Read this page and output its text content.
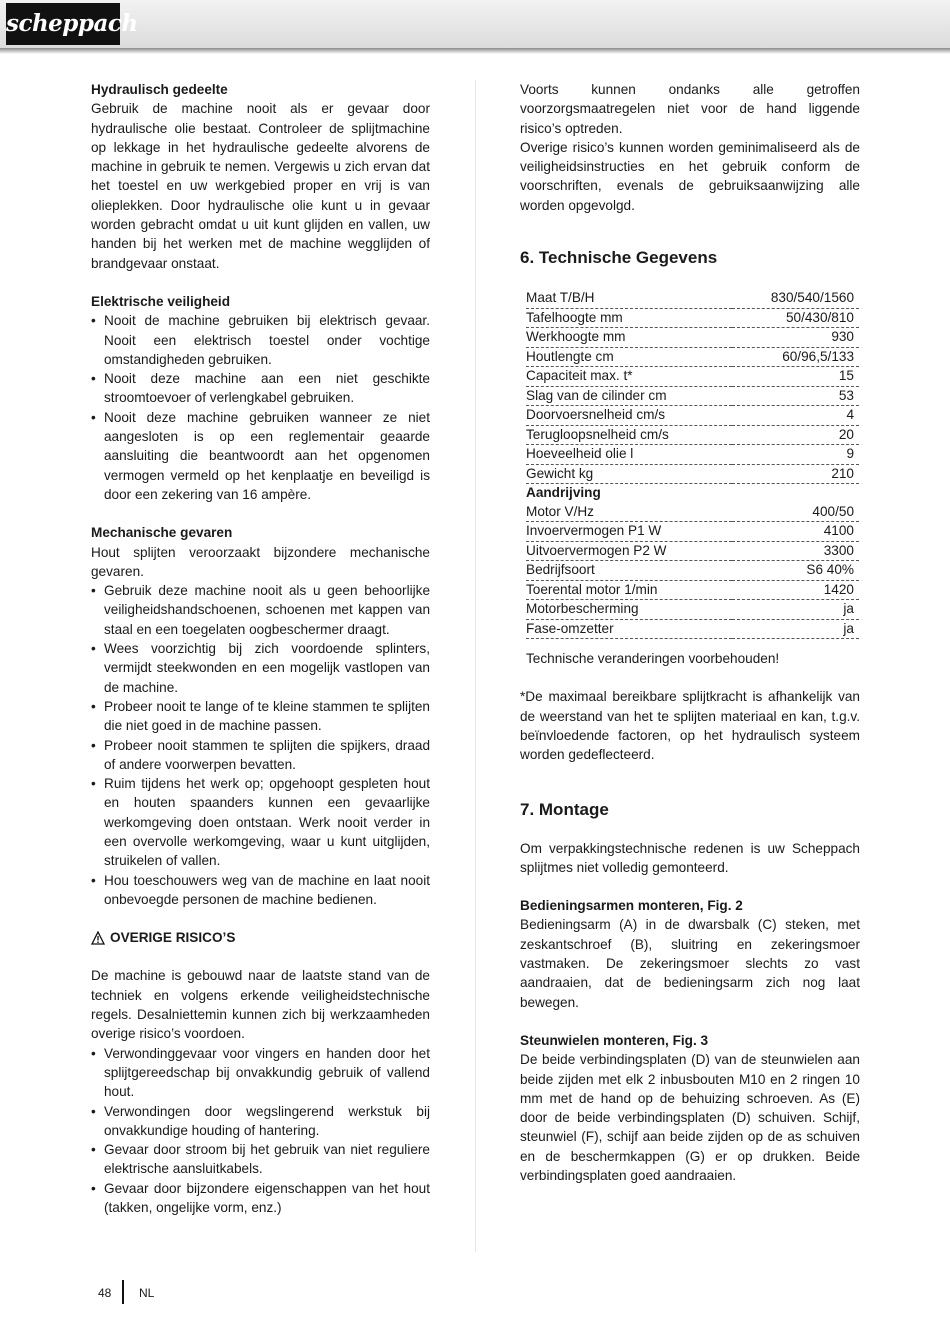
scheppach

Hydraulisch gedeelte

Gebruik de machine nooit als er gevaar door hydraulische olie bestaat. Controleer de splijtmachine op lekkage in het hydraulische gedeelte alvorens de machine in gebruik te nemen. Vergewis u zich ervan dat het toestel en uw werkgebied proper en vrij is van olieplekken. Door hydraulische olie kunt u in gevaar worden gebracht omdat u uit kunt glijden en vallen, uw handen bij het werken met de machine wegglijden of brandgevaar onstaat.

Elektrische veiligheid

• Nooit de machine gebruiken bij elektrisch gevaar. Nooit een elektrisch toestel onder vochtige omstandigheden gebruiken.
• Nooit deze machine aan een niet geschikte stroomtoevoer of verlengkabel gebruiken.
• Nooit deze machine gebruiken wanneer ze niet aangesloten is op een reglementair geaarde aansluiting die beantwoordt aan het opgenomen vermogen vermeld op het kenplaatje en beveiligd is door een zekering van 16 ampère.

Mechanische gevaren

Hout splijten veroorzaakt bijzondere mechanische gevaren.

• Gebruik deze machine nooit als u geen behoorlijke veiligheidshandschoenen, schoenen met kappen van staal en een toegelaten oogbeschermer draagt.
• Wees voorzichtig bij zich voordoende splinters, vermijdt steekwonden en een mogelijk vastlopen van de machine.
• Probeer nooit te lange of te kleine stammen te splijten die niet goed in de machine passen.
• Probeer nooit stammen te splijten die spijkers, draad of andere voorwerpen bevatten.
• Ruim tijdens het werk op; opgehoopt gespleten hout en houten spaanders kunnen een gevaarlijke werkomgeving doen ontstaan. Werk nooit verder in een overvolle werkomgeving, waar u kunt uitglijden, struikelen of vallen.
• Hou toeschouwers weg van de machine en laat nooit onbevoegde personen de machine bedienen.
OVERIGE RISICO’S

De machine is gebouwd naar de laatste stand van de techniek en volgens erkende veiligheidstechnische regels. Desalniettemin kunnen zich bij werkzaamheden overige risico’s voordoen.

• Verwondinggevaar voor vingers en handen door het splijtgereedschap bij onvakkundig gebruik of vallend hout.
• Verwondingen door wegslingerend werkstuk bij onvakkundige houding of hantering.
• Gevaar door stroom bij het gebruik van niet reguliere elektrische aansluitkabels.
• Gevaar door bijzondere eigenschappen van het hout (takken, ongelijke vorm, enz.)

Voorts kunnen ondanks alle getroffen voorzorgsmaatregelen niet voor de hand liggende risico’s optreden.

Overige risico’s kunnen worden geminimaliseerd als de veiligheidsinstructies en het gebruik conform de voorschriften, evenals de gebruiksaanwijzing alle worden opgevolgd.

6. Technische Gegevens

Maat T/B/H	830/540/1560
Tafelhoogte mm	50/430/810
Werkhoogte mm	930
Houtlengte cm	60/96,5/133
Capaciteit max. t*	15
Slag van de cilinder cm	53
Doorvoersnelheid cm/s	4
Terugloopsnelheid cm/s	20
Hoeveelheid olie l	9
Gewicht kg	210
Aandrijving	
Motor V/Hz	400/50
Invoervermogen P1 W	4100
Uitvoervermogen P2 W	3300
Bedrijfsoort	S6 40%
Toerental motor 1/min	1420
Motorbescherming	ja
Fase-omzetter	ja

Technische veranderingen voorbehouden!

*De maximaal bereikbare splijtkracht is afhankelijk van de weerstand van het te splijten materiaal en kan, t.g.v. beïnvloedende factoren, op het hydraulisch systeem worden gedeflecteerd.

7. Montage

Om verpakkingstechnische redenen is uw Scheppach splijtmes niet volledig gemonteerd.

Bedieningsarmen monteren, Fig. 2

Bedieningsarm (A) in de dwarsbalk (C) steken, met zeskantschroef (B), sluitring en zekeringsmoer vastmaken. De zekeringsmoer slechts zo vast aandraaien, dat de bedieningsarm zich nog laat bewegen.

Steunwielen monteren, Fig. 3

De beide verbindingsplaten (D) van de steunwielen aan beide zijden met elk 2 inbusbouten M10 en 2 ringen 10 mm met de hand op de behuizing schroeven. As (E) door de beide verbindingsplaten (D) schuiven. Schijf, steunwiel (F), schijf aan beide zijden op de as schuiven en de beschermkappen (G) er op drukken. Beide verbindingsplaten goed aandraaien.

48 NL
